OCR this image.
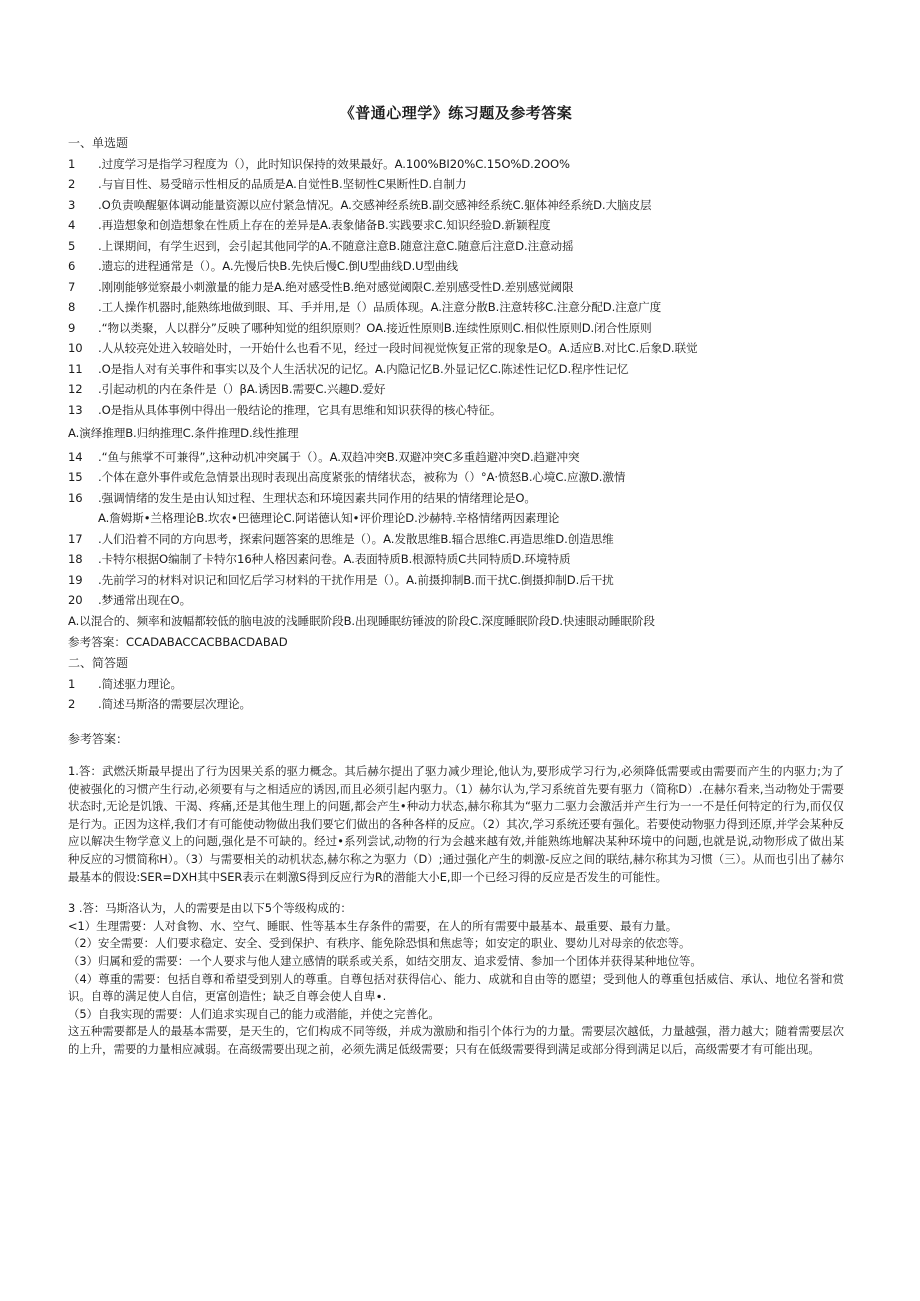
《普通心理学》练习题及参考答案
一、单选题
1 .过度学习是指学习程度为（），此时知识保持的效果最好。A.100%BI20%C.15O%D.2OO%
2 .与盲目性、易受暗示性相反的品质是A.自觉性B.坚韧性C果断性D.自制力
3 .O负责唤醒躯体调动能量资源以应付紧急情况。A.交感神经系统B.副交感神经系统C.躯体神经系统D.大脑皮层
4 .再造想象和创造想象在性质上存在的差异是A.表象储备B.实践要求C.知识经验D.新颖程度
5 .上课期间，有学生迟到，会引起其他同学的A.不随意注意B.随意注意C.随意后注意D.注意动摇
6 .遗忘的进程通常是（）。A.先慢后快B.先快后慢C.倒U型曲线D.U型曲线
7 .刚刚能够觉察最小刺激量的能力是A.绝对感受性B.绝对感觉阈限C.差别感受性D.差别感觉阈限
8 .工人操作机器时,能熟练地做到眼、耳、手并用,是（）品质体现。A.注意分散B.注意转移C.注意分配D.注意广度
9 .“物以类聚，人以群分”反映了哪种知觉的组织原则？OA.接近性原则B.连续性原则C.相似性原则D.闭合性原则
10 .人从较亮处进入较暗处时，一开始什么也看不见，经过一段时间视觉恢复正常的现象是O。A.适应B.对比C.后象D.联觉
11 .O是指人对有关事件和事实以及个人生活状况的记忆。A.内隐记忆B.外显记忆C.陈述性记忆D.程序性记忆
12 .引起动机的内在条件是（）βA.诱因B.需要C.兴趣D.爱好
13 .O是指从具体事例中得出一般结论的推理，它具有思维和知识获得的核心特征。
A.演绎推理B.归纳推理C.条件推理D.线性推理
14 .“鱼与熊掌不可兼得”,这种动机冲突属于（）。A.双趋冲突B.双避冲突C多重趋避冲突D.趋避冲突
15 .个体在意外事件或危急情景出现时表现出高度紧张的情绪状态，被称为（）°A·愤怒B.心境C.应激D.激情
16 .强调情绪的发生是由认知过程、生理状态和环境因素共同作用的结果的情绪理论是O。
A.詹姆斯•兰格理论B.坎农•巴德理论C.阿诺德认知•评价理论D.沙赫特.辛格情绪两因素理论
17 .人们沿着不同的方向思考，探索问题答案的思维是（）。A.发散思维B.辐合思维C.再造思维D.创造思维
18 .卡特尔根据O编制了卡特尔16种人格因素问卷。A.表面特质B.根源特质C共同特质D.环境特质
19 .先前学习的材料对识记和回忆后学习材料的干扰作用是（）。A.前摄抑制B.而干扰C.倒摄抑制D.后干扰
20 .梦通常出现在O。
A.以混合的、频率和波幅都较低的脑电波的浅睡眠阶段B.出现睡眠纺锤波的阶段C.深度睡眠阶段D.快速眼动睡眠阶段
参考答案：CCADABACCACBBACDABAD
二、简答题
1 .简述驱力理论。
2 .简述马斯洛的需要层次理论。
参考答案：

1.答：武燃沃斯最早提出了行为因果关系的驱力概念。其后赫尔提出了驱力减少理论,他认为,要形成学习行为,必须降低需要或由需要而产生的内驱力;为了使被强化的习惯产生行动,必须要有与之相适应的诱因,而且必须引起内驱力。（1）赫尔认为,学习系统首先要有驱力（简称D）.在赫尔看来,当动物处于需要状态时,无论是饥饿、干渴、疼痛,还是其他生理上的问题,都会产生•种动力状态,赫尔称其为“驱力二驱力会激活并产生行为一一不是任何特定的行为,而仅仅是行为。正因为这样,我们才有可能使动物做出我们要它们做出的各种各样的反应。（2）其次,学习系统还要有强化。若要使动物驱力得到还原,并学会某种反应以解决生物学意义上的问题,强化是不可缺的。经过•系列尝试,动物的行为会越来越有效,并能熟练地解决某种环境中的问题,也就是说,动物形成了做出某种反应的习惯简称H）。（3）与需要相关的动机状态,赫尔称之为驱力（D）;通过强化产生的刺激-反应之间的联结,赫尔称其为习惯（三）。从而也引出了赫尔最基本的假设:SER=DXH其中SER表示在刺激S得到反应行为R的潜能大小E,即一个已经习得的反应是否发生的可能性。

3 .答：马斯洛认为，人的需要是由以下5个等级构成的：
<1）生理需要：人对食物、水、空气、睡眠、性等基本生存条件的需要，在人的所有需要中最基本、最重要、最有力量。
（2）安全需要：人们要求稳定、安全、受到保护、有秩序、能免除恐惧和焦虑等；如安定的职业、婴幼儿对母亲的依恋等。
（3）归属和爱的需要：一个人要求与他人建立感情的联系或关系，如结交朋友、追求爱情、参加一个团体并获得某种地位等。

（4）尊重的需要：包括自尊和希望受到别人的尊重。自尊包括对获得信心、能力、成就和自由等的愿望；受到他人的尊重包括威信、承认、地位名誉和赏识。自尊的满足使人自信，更富创造性；缺乏自尊会使人自卑∙.

（5）自我实现的需要：人们追求实现自己的能力或潜能，并使之完善化。

这五种需要都是人的最基本需要，是天生的，它们构成不同等级，并成为激励和指引个体行为的力量。需要层次越低，力量越强，潜力越大；随着需要层次的上升，需要的力量相应减弱。在高级需要出现之前，必须先满足低级需要；只有在低级需要得到满足或部分得到满足以后，高级需要才有可能出现。
